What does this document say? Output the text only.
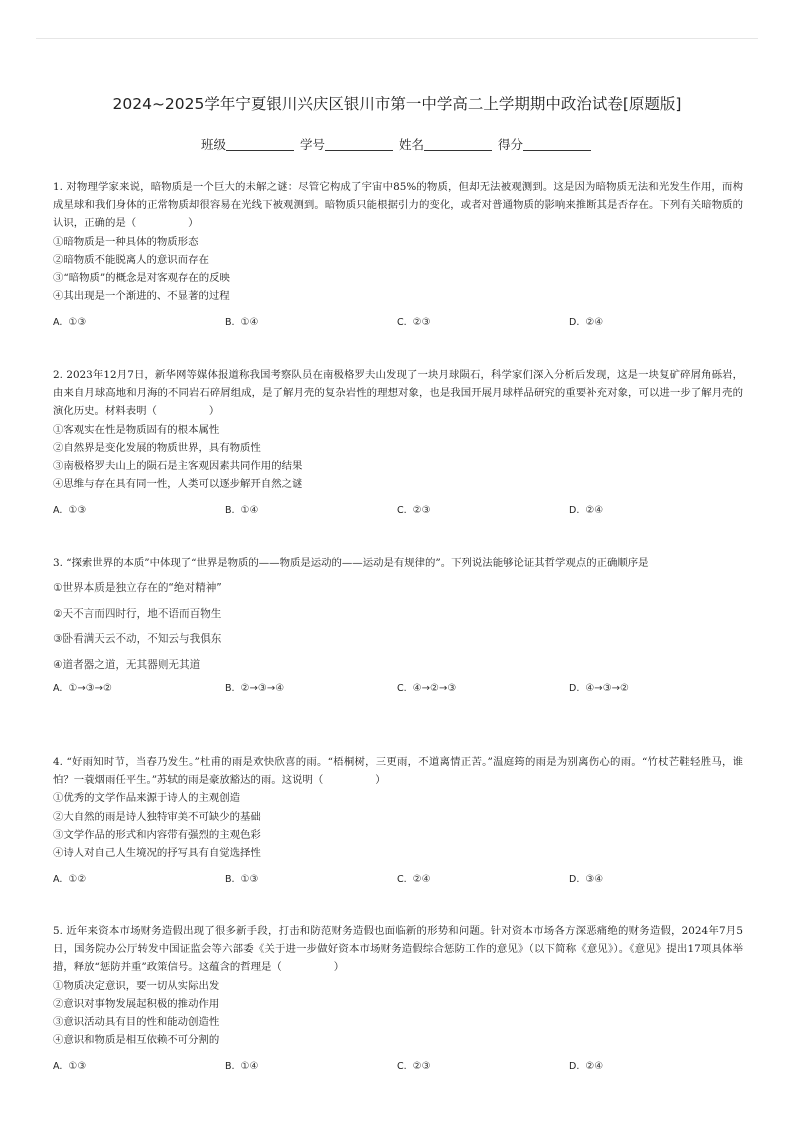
2024~2025学年宁夏银川兴庆区银川市第一中学高二上学期期中政治试卷[原题版]
班级	学号	姓名	得分
1. 对物理学家来说，暗物质是一个巨大的未解之谜：尽管它构成了宇宙中85%的物质，但却无法被观测到。这是因为暗物质无法和光发生作用，而构成星球和我们身体的正常物质却很容易在光线下被观测到。暗物质只能根据引力的变化，或者对普通物质的影响来推断其是否存在。下列有关暗物质的认识，正确的是（　　　　　）
①暗物质是一种具体的物质形态
②暗物质不能脱离人的意识而存在
③“暗物质”的概念是对客观存在的反映
④其出现是一个渐进的、不显著的过程
A. ①③	B. ①④	C. ②③	D. ②④
2. 2023年12月7日，新华网等媒体报道称我国考察队员在南极格罗夫山发现了一块月球陨石，科学家们深入分析后发现，这是一块复矿碎屑角砾岩，由来自月球高地和月海的不同岩石碎屑组成，是了解月壳的复杂岩性的理想对象，也是我国开展月球样品研究的重要补充对象，可以进一步了解月壳的演化历史。材料表明（　　　　　）
①客观实在性是物质固有的根本属性
②自然界是变化发展的物质世界，具有物质性
③南极格罗夫山上的陨石是主客观因素共同作用的结果
④思维与存在具有同一性，人类可以逐步解开自然之谜
A. ①③	B. ①④	C. ②③	D. ②④
3. “探索世界的本质”中体现了“世界是物质的——物质是运动的——运动是有规律的”。下列说法能够论证其哲学观点的正确顺序是
①世界本质是独立存在的“绝对精神”
②天不言而四时行，地不语而百物生
③卧看满天云不动，不知云与我俱东
④道者器之道，无其器则无其道
A. ①→③→②	B. ②→③→④	C. ④→②→③	D. ④→③→②
4. “好雨知时节，当春乃发生。”杜甫的雨是欢快欣喜的雨。“梧桐树，三更雨，不道离情正苦。”温庭筠的雨是为别离伤心的雨。“竹杖芒鞋轻胜马，谁怕？一蓑烟雨任平生。”苏轼的雨是豪放豁达的雨。这说明（　　　　　）
①优秀的文学作品来源于诗人的主观创造
②大自然的雨是诗人独特审美不可缺少的基础
③文学作品的形式和内容带有强烈的主观色彩
④诗人对自己人生境况的抒写具有自觉选择性
A. ①②	B. ①③	C. ②④	D. ③④
5. 近年来资本市场财务造假出现了很多新手段，打击和防范财务造假也面临新的形势和问题。针对资本市场各方深恶痛绝的财务造假，2024年7月5日，国务院办公厅转发中国证监会等六部委《关于进一步做好资本市场财务造假综合惩防工作的意见》（以下简称《意见》）。《意见》提出17项具体举措，释放“惩防并重”政策信号。这蕴含的哲理是（　　　　　）
①物质决定意识，要一切从实际出发
②意识对事物发展起积极的推动作用
③意识活动具有目的性和能动创造性
④意识和物质是相互依赖不可分割的
A. ①③	B. ①④	C. ②③	D. ②④
